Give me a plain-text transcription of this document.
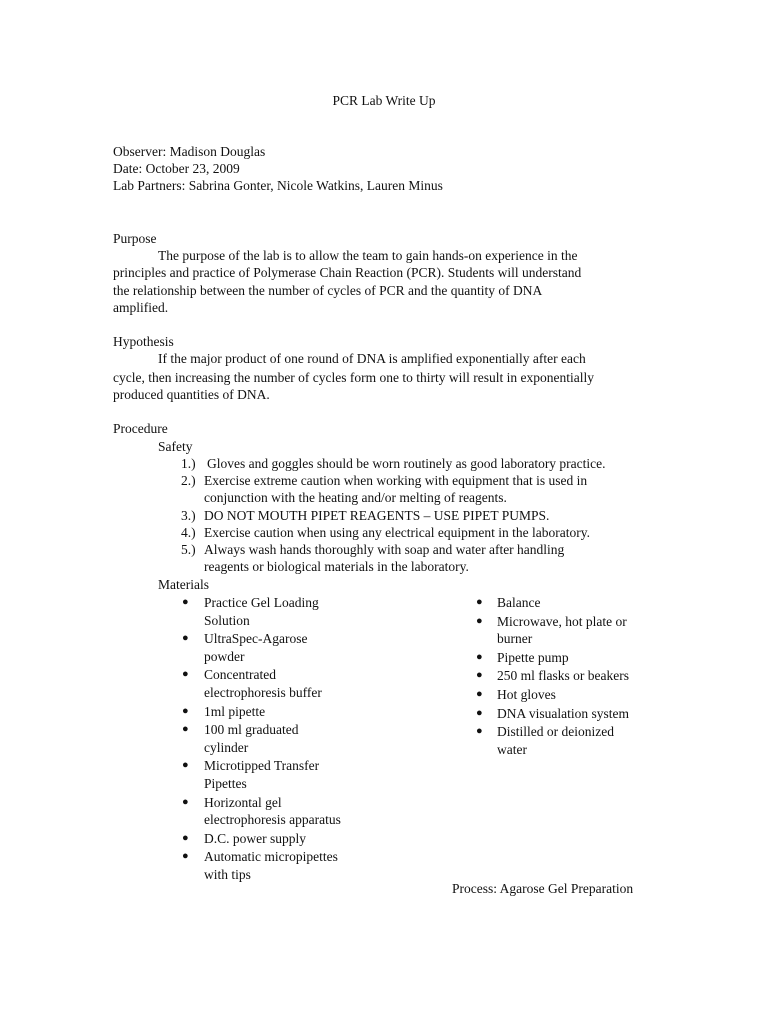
PCR Lab Write Up
Observer: Madison Douglas
Date: October 23, 2009
Lab Partners: Sabrina Gonter, Nicole Watkins, Lauren Minus
Purpose
The purpose of the lab is to allow the team to gain hands-on experience in the
principles and practice of Polymerase Chain Reaction (PCR). Students will understand
the relationship between the number of cycles of PCR and the quantity of DNA
amplified.
Hypothesis
If the major product of one round of DNA is amplified exponentially after each
cycle, then increasing the number of cycles form one to thirty will result in exponentially
produced quantities of DNA.
Procedure
Safety
1.) Gloves and goggles should be worn routinely as good laboratory practice.
2.) Exercise extreme caution when working with equipment that is used in
conjunction with the heating and/or melting of reagents.
3.) DO NOT MOUTH PIPET REAGENTS – USE PIPET PUMPS.
4.) Exercise caution when using any electrical equipment in the laboratory.
5.) Always wash hands thoroughly with soap and water after handling
reagents or biological materials in the laboratory.
Materials
Process: Agarose Gel Preparation
● Practice Gel Loading
Solution
● UltraSpec-Agarose
powder
● Concentrated
electrophoresis buffer
● 1ml pipette
● 100 ml graduated
cylinder
● Microtipped Transfer
Pipettes
● Horizontal gel
electrophoresis apparatus
● D.C. power supply
● Automatic micropipettes
with tips
● Balance
● Microwave, hot plate or
burner
● Pipette pump
● 250 ml flasks or beakers
● Hot gloves
● DNA visualation system
● Distilled or deionized
water
